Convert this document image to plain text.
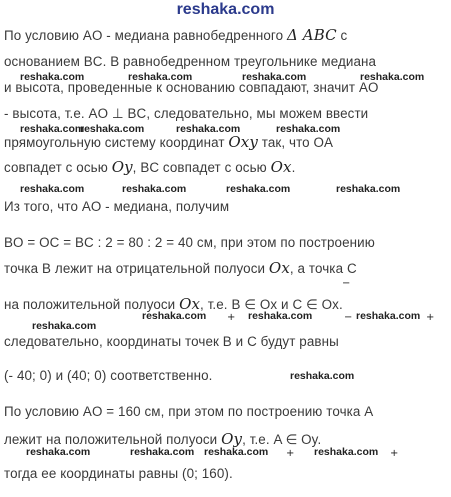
reshaka.com
По условию AO - медиана равнобедренного Δ ABC с
основанием BC. В равнобедренном треугольнике медиана
и высота, проведенные к основанию совпадают, значит AO
- высота, т.е. AO ⊥ BC, следовательно, мы можем ввести
прямоугольную систему координат Oxy так, что OA
совпадет с осью Oy, BC совпадет с осью Ox.
Из того, что AO - медиана, получим
BO = OC = BC : 2 = 80 : 2 = 40 см, при этом по построению
точка B лежит на отрицательной полуоси Ox, а точка C
на положительной полуоси Ox, т.е. B ∈ Ox и C ∈ Ox.
следовательно, координаты точек B и C будут равны
(- 40; 0) и (40; 0) соответственно.
По условию AO = 160 см, при этом по построению точка A
лежит на положительной полуоси Oy, т.е. A ∈ Oy.
тогда ее координаты равны (0; 160).
−
+	−	+
+	+
reshaka.com	reshaka.com	reshaka.com	reshaka.com
reshaka.com
reshaka.com	reshaka.com	reshaka.com
reshaka.com	reshaka.com	reshaka.com	reshaka.com
reshaka.com
reshaka.com	reshaka.com	reshaka.com
reshaka.com
reshaka.com	reshaka.com reshaka.com	reshaka.com
